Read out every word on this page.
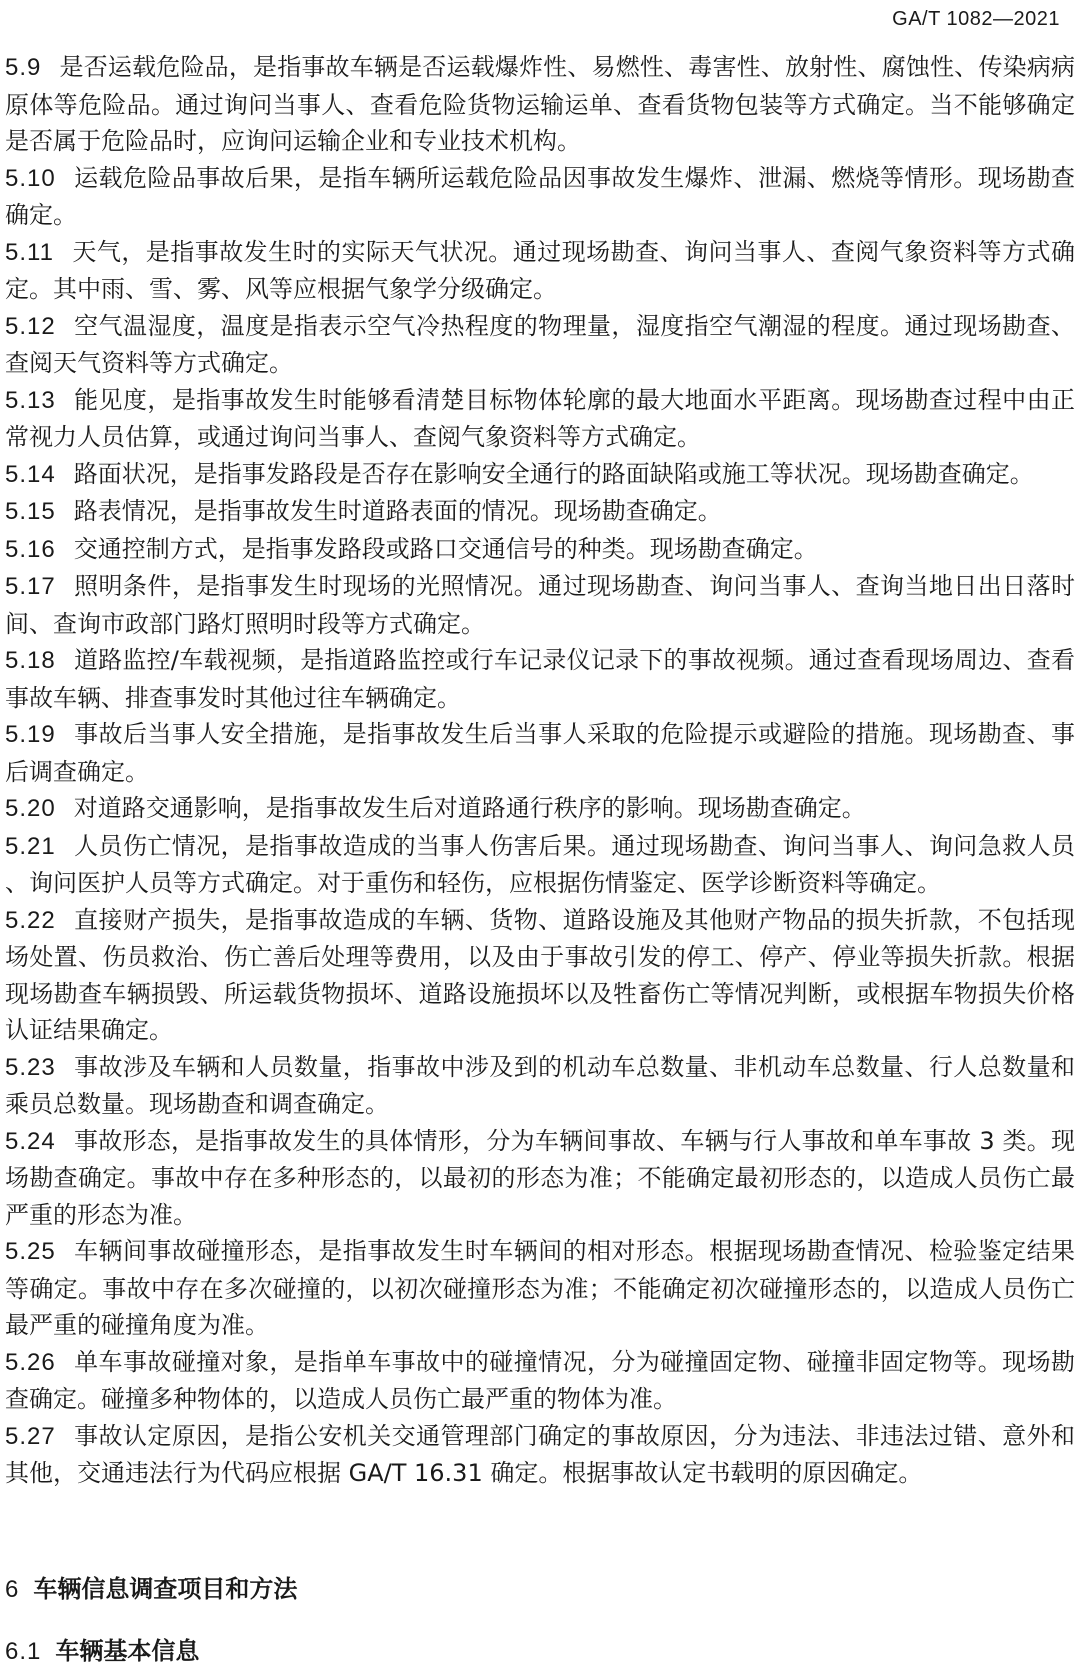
GA/T 1082—2021

5.9 是否运载危险品，是指事故车辆是否运载爆炸性、易燃性、毒害性、放射性、腐蚀性、传染病病原体等危险品。通过询问当事人、查看危险货物运输运单、查看货物包装等方式确定。当不能够确定是否属于危险品时，应询问运输企业和专业技术机构。

5.10 运载危险品事故后果，是指车辆所运载危险品因事故发生爆炸、泄漏、燃烧等情形。现场勘查确定。

5.11 天气，是指事故发生时的实际天气状况。通过现场勘查、询问当事人、查阅气象资料等方式确定。其中雨、雪、雾、风等应根据气象学分级确定。

5.12 空气温湿度，温度是指表示空气冷热程度的物理量，湿度指空气潮湿的程度。通过现场勘查、查阅天气资料等方式确定。

5.13 能见度，是指事故发生时能够看清楚目标物体轮廓的最大地面水平距离。现场勘查过程中由正常视力人员估算，或通过询问当事人、查阅气象资料等方式确定。

5.14 路面状况，是指事发路段是否存在影响安全通行的路面缺陷或施工等状况。现场勘查确定。

5.15 路表情况，是指事故发生时道路表面的情况。现场勘查确定。

5.16 交通控制方式，是指事发路段或路口交通信号的种类。现场勘查确定。

5.17 照明条件，是指事发生时现场的光照情况。通过现场勘查、询问当事人、查询当地日出日落时间、查询市政部门路灯照明时段等方式确定。

5.18 道路监控/车载视频，是指道路监控或行车记录仪记录下的事故视频。通过查看现场周边、查看事故车辆、排查事发时其他过往车辆确定。

5.19 事故后当事人安全措施，是指事故发生后当事人采取的危险提示或避险的措施。现场勘查、事后调查确定。

5.20 对道路交通影响，是指事故发生后对道路通行秩序的影响。现场勘查确定。

5.21 人员伤亡情况，是指事故造成的当事人伤害后果。通过现场勘查、询问当事人、询问急救人员、询问医护人员等方式确定。对于重伤和轻伤，应根据伤情鉴定、医学诊断资料等确定。

5.22 直接财产损失，是指事故造成的车辆、货物、道路设施及其他财产物品的损失折款，不包括现场处置、伤员救治、伤亡善后处理等费用，以及由于事故引发的停工、停产、停业等损失折款。根据现场勘查车辆损毁、所运载货物损坏、道路设施损坏以及牲畜伤亡等情况判断，或根据车物损失价格认证结果确定。

5.23 事故涉及车辆和人员数量，指事故中涉及到的机动车总数量、非机动车总数量、行人总数量和乘员总数量。现场勘查和调查确定。

5.24 事故形态，是指事故发生的具体情形，分为车辆间事故、车辆与行人事故和单车事故 3 类。现场勘查确定。事故中存在多种形态的，以最初的形态为准；不能确定最初形态的，以造成人员伤亡最严重的形态为准。

5.25 车辆间事故碰撞形态，是指事故发生时车辆间的相对形态。根据现场勘查情况、检验鉴定结果等确定。事故中存在多次碰撞的，以初次碰撞形态为准；不能确定初次碰撞形态的，以造成人员伤亡最严重的碰撞角度为准。

5.26 单车事故碰撞对象，是指单车事故中的碰撞情况，分为碰撞固定物、碰撞非固定物等。现场勘查确定。碰撞多种物体的，以造成人员伤亡最严重的物体为准。

5.27 事故认定原因，是指公安机关交通管理部门确定的事故原因，分为违法、非违法过错、意外和其他，交通违法行为代码应根据 GA/T 16.31 确定。根据事故认定书载明的原因确定。

6 车辆信息调查项目和方法
6.1 车辆基本信息
